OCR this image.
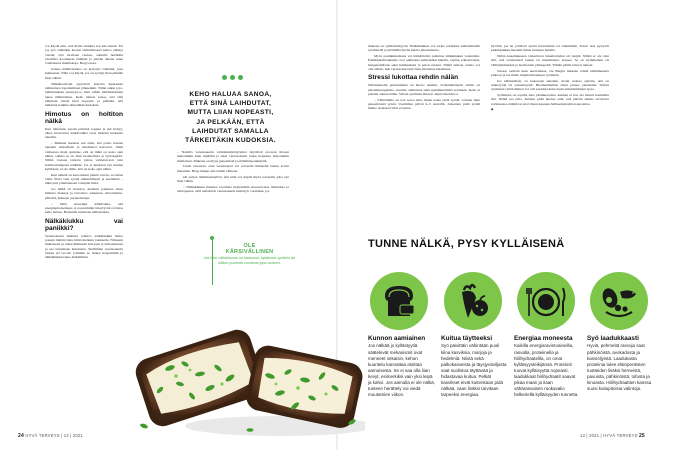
voi käydä niin, että illalla tankkaa sen kin edestä. Tai jos syö vielkäkin kaatua säännöllisesti kehoa ehtinyt viestiä, että tarvitsen ruokaa, aamulla heräkäin tavallista koomapan nälkään ja päivän aikana tulee voimakasta mielitekoja. Berg toteaa.

Joskus nälkäviestkaa on kertynyt väkisinä, jopa kuukausia. Näin voi käydä, jos on syönyt liian pitkään liian vähän.

Nälkähormonit pyrysivät koholla kuukausia laihtunisen lopettaminen jälkeenkin. Tämä onkin jojo-laihduttuksen perussyy-to liian vähän laihduttaminen tekee nälkäveikaa. Keho haluaa sanoa, että sinä laihdutat, mutta liian nopeasti, ja pelkään, että laihdutat kaikkia tärkeitäkin kudoksia.

Himotus on holtiton nälkä

Kun laihdutus jonain päivänä loppuu ja tiel höltyy, alkaa kavuvanut nälkäveikka ottaa tärkeitä kudoksia takaisin.

– Ihminen huomaa sen siten, että paino nousee takaisin entiselleen ja mielitekot kasvavat. Siinä vaiheessa moni ajattelee, että on mikä on koko ajan nälkä, vaikka se on ihan luonnollista ja fysiologista. Nälkä vastaan taistelu johtaa valitettavasti vain holtittomampaan nälkään. Jos ei kuukaan syö kuulan kyllästesi, ei ole ihme, että on koko ajan nälkä.

Kun nälkää on kasvattanut jonkin verran, se tahtaa vielä. Pitää vain syödä säännöllisesti ja enemmän – ehkä pari yllamannaan voilepää ristiä.

Jos nälkä on huutava, melkein jokainen alkaa himoita makeaa ja rasvaista: sokkaista, leivonnaisia, jäätelöä, keksejä, perunalastuja.

– Mitä suurempi nälkäveika, sitä energiapitoisempaa ja nopeammin imeytyvää ravintoa keho haluaa. Herkuilla kuitataan nälkäveikaa.

Nälkäkiukku vai paniikki?

Verensokerin laskusta johtuva nälkäkiukku liener jossain määrin tuttu ilmiö melkein jokaiselle. Nimensä mukaisesti se tekee ihmisestä kitvysen ja turhautuneen ja saa tuntemaan hokutusta. Siedämme verensokerin laskua eri tavoin: joillakin se laskee helpommin ja nälkäkiukku iskee äräkämmin.

KEHO HALUAA SANOA,
ETTÄ SINÄ LAIHDUTAT,
MUTTA LIIAN NOPEASTI,
JA PELKÄÄN, ETTÄ
LAIHDUTAT SAMALLA
TÄRKEITÄKIN KUDOKSIA.

– Naisilla verensokerin vaihtelukäyttäytymot näyttävät eroavan hiveen heikommin kuin miehillä ja siksi verensokerin lasku heijastuu helpommin mielialaan. Mukana on myös geneettisiä ja elämäntapatekijöitä.

Usein sanotaan, ettei verensokeri voi terveellä ihmisellä laskea kovin matalalle. Berg ampuu alas tämän väitteen.

On paljon tutkimusnäyttöä, että näin voi käydä myös terveellä, joka syö liian vähän.

– Nälkäkiukku ilmenee tavallisia helpommin stressaavissa tilanteissa ja univajeessa, sillä nelisäävät verensokerin heittelyä, varsinkin, jos

OLE
KÄRSIVÄLLINEN
Jos teter nälkäntunne on kadonnut, sydämesi opettelu sie odikoo puolesta vuodesta jopa vuoteen.
24 HYVÄ TERVEYS | 13 | 2021

mukana on sylmättömyyttä. Nälkäkiukkua voi torjua parhaiten säännöllisellä syömisellä ja pitämällä hyvää huolta jaksamisesta.

Myös paniikkikohtaus voi hämätävästi puitettaa nälkäkiukun vaatteisiin. Paniikkikohtaukselle ovat ominaisia esimerkiksi hikoilu, vapina, pahoinvointi, hengenahdistus sekä huimauksen ja pelon tunteet. Nälkä samoja oireita voi olla silloin, kun verensokeri käy liian alhaisissa lukemissa.

Stressi lukottaa rehdin nälän

Nälöntuntemi puuttuminen on huono merkki. Todennäköisesti silloin on jaksamisongelmia, stressiä, ahdistusta sekä epäsäännöllistä syömistä. Keho ei pettäisi oikean nälän. Silloin syömistä alkavat ohjata mielitevot.

– Välittämme on tosi revaa sinä, miten usein pitää syödä, voittain mun geneettisistä syistä. Useimmat päivät 4–5 ateriallä. Jotkeiden pitää syödä melko tasaisesti viitti ei tunnu

hyvältä, jos he yrittävät syödä harvemmin tai vähemmän. Toiset taas pystyvät pidempiinkin maaniin ilman isompaa harmia.

Nälän kokemukseen vaikuttavat lukemattomat eri tekijät. Nälkä ei ole vain sitä, että verensokeri laskee tai insuliinitaso nousee. Se on kymmenien eri välittäjäaineiden ja hormonien yhteispeliä. Tämän päälle tulevat tunteet.

Stressi, samoin kuin unettomuus, vie Bergin mukaan rehtiä nälänmenetta pitkoon ja tas tilalle impulsiivisempaa syömistä.

Jos nälänsäätely on kokonaan sekaisin, monit saattaa ajatella, että on tunneryöjä tai stressinsyöjä. Huomenmahtaa alkaa puoles jokaiseller. Silloin syömisen rytittiaminen voi olla parempi keino kuin armenttäminen ajoja.

Syöminen on lopulla aika yksinkertaista, kunhan ei itse ala muoni kaamisiin sitä. Nälkä saa tulla, kunhan pitää huolen siitä, että päivän aikana tarvittava ravinnetaso nälkää tai ettei iltaan kasaanu hallisemattomia napostelua.

◆
TUNNE NÄLKÄ, PYSY KYLLÄISENÄ
Kunnon aamiainen
Jos nälkää jo kyllästyytiä säätelevät mekanismit ovat menneet sekaisin, kehon kuuntelu kannattaa aloittaa aamuisesta. Se ei saa olla liian kevyt, esimerkiksi vain yksi leipä ja kahvi. Jos aamulla ei ole nälkä, tunteen herättely voi viedä muutamien viikon.
Kuitua täytteeksi
Syö päivittäin vähintään puoli kiloa kasviksia, marjoja ja hedelmiä. Niistä sekä palkokasveista ja täysjyväviljasta saat suolistoa täyttävää ja hidastavaa kuitua. Pelkät kasvikset eivät kuitenkaan pidä nälkää, vaan lisäksi tarvitaan tarpeeksi energiaa.
Energiaa moneesta
Kaikilla energiaravintoaineilla, rasvalla, proteiinella ja hiilihydraateilla, on omat kylläisyysteikijänsä. Proteiinit tuovat kylläisyyttä nopeasti, laadukkaat hiilihydraatit saavat pikaa maan ja ilaan vähärasvaisen ruokavalio helkeriellä kylläisyyden tunnetta.
Syö laadukkaasti
Hyviä, pehmeitä rasvoja saat pähkinöistä, avokadosta ja kasviöljyistä. Laadukasta proteiinia tulee eläinperäisten tuotteiden lisäksi herneistä, pavuista, pähkinöistä, tofusta ja kinoasta. Hiilihydraattien kanssa suosi kuitupitoisia valintoja.
13 | 2021 | HYVÄ TERVEYS 25
